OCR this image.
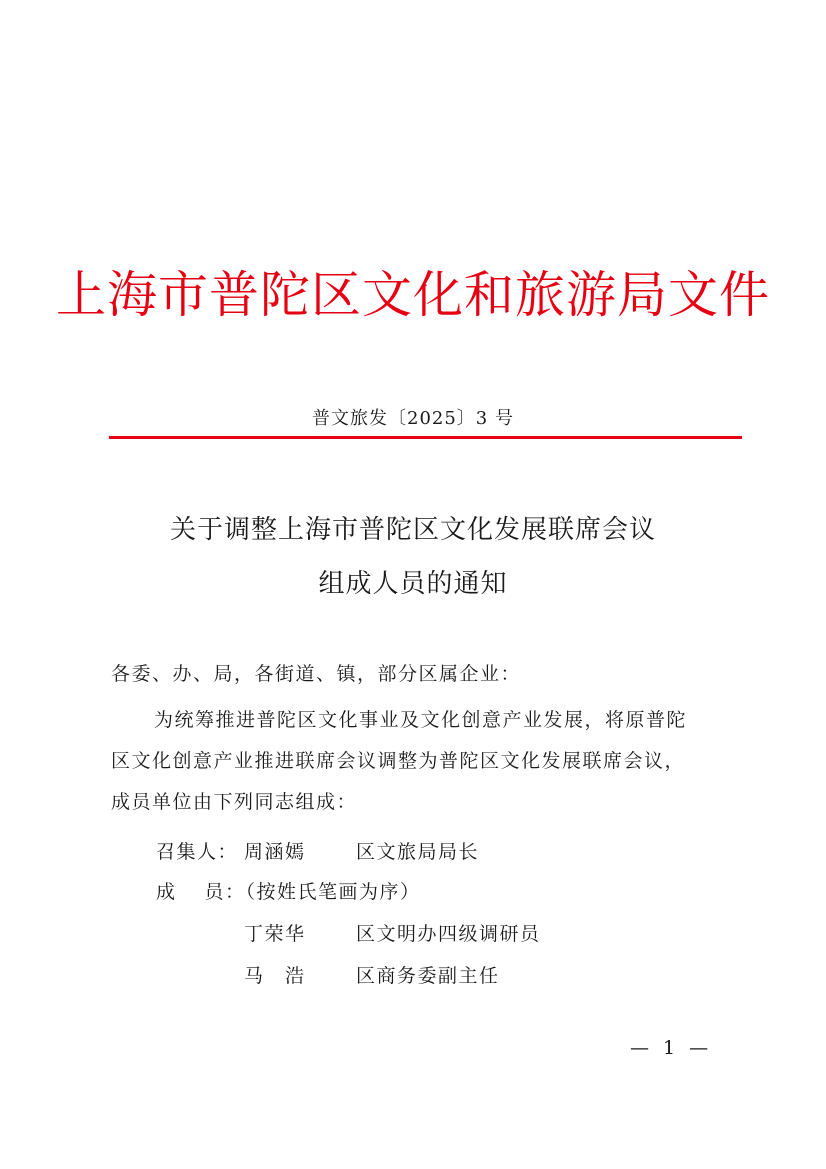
上海市普陀区文化和旅游局文件
普文旅发〔2025〕3 号
关于调整上海市普陀区文化发展联席会议
组成人员的通知
各委、办、局，各街道、镇，部分区属企业：
为统筹推进普陀区文化事业及文化创意产业发展，将原普陀
区文化创意产业推进联席会议调整为普陀区文化发展联席会议，
成员单位由下列同志组成：
召集人： 周涵嫣	区文旅局局长
成　 员：（按姓氏笔画为序）
丁荣华	区文明办四级调研员
马　浩	区商务委副主任
— 1 —
